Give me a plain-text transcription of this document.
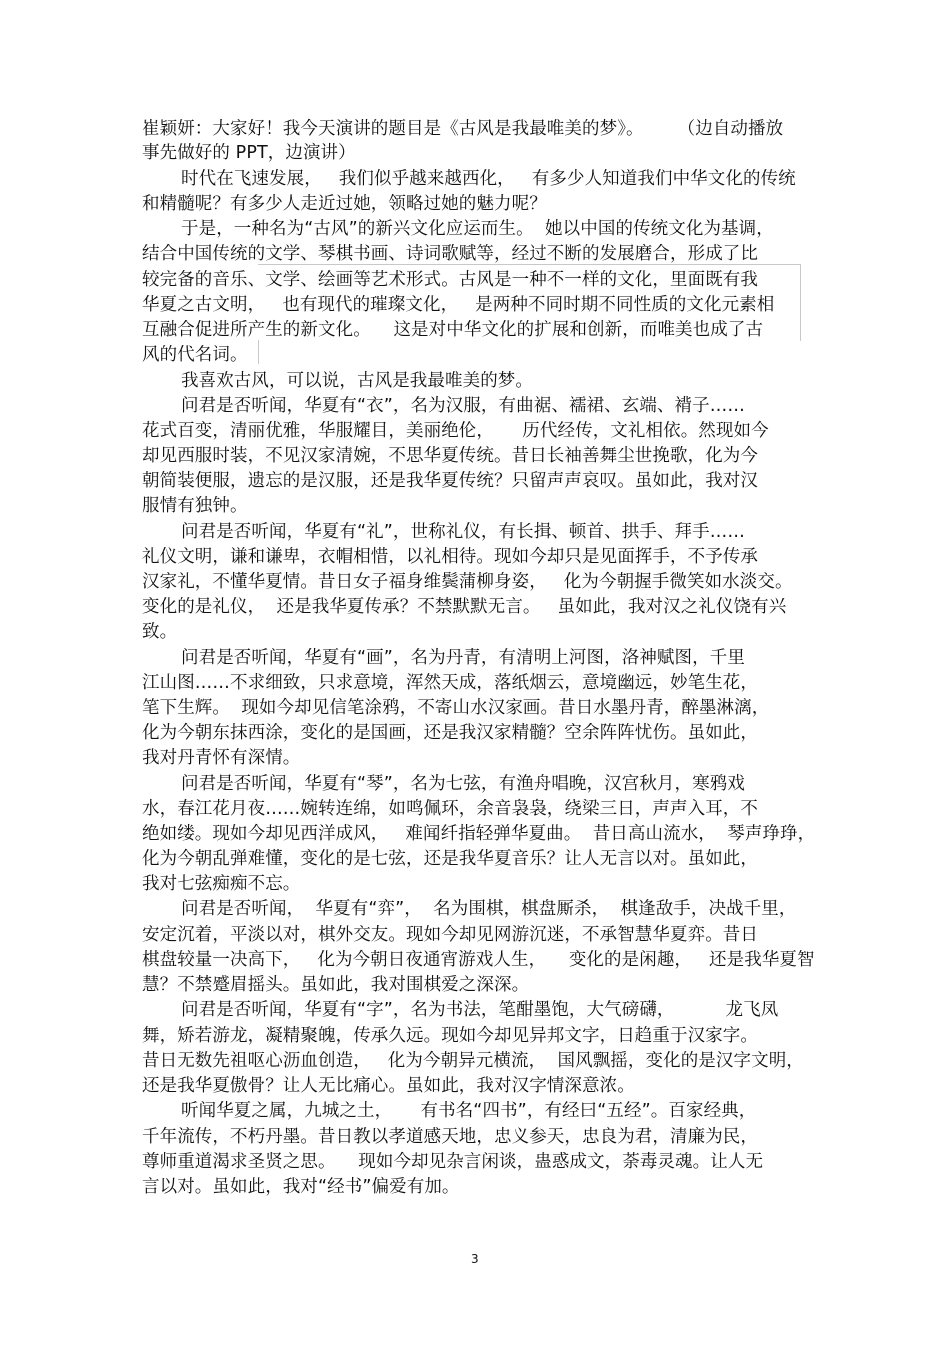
崔颖妍：大家好！我今天演讲的题目是《古风是我最唯美的梦》。      （边自动播放
事先做好的 PPT，边演讲）
时代在飞速发展，   我们似乎越来越西化，   有多少人知道我们中华文化的传统
和精髓呢？有多少人走近过她，领略过她的魅力呢？
于是，一种名为“古风”的新兴文化应运而生。  她以中国的传统文化为基调，
结合中国传统的文学、琴棋书画、诗词歌赋等，经过不断的发展磨合，形成了比
较完备的音乐、文学、绘画等艺术形式。古风是一种不一样的文化，里面既有我
华夏之古文明，   也有现代的璀璨文化，   是两种不同时期不同性质的文化元素相
互融合促进所产生的新文化。    这是对中华文化的扩展和创新，而唯美也成了古
风的代名词。
我喜欢古风，可以说，古风是我最唯美的梦。
问君是否听闻，华夏有“衣”，名为汉服，有曲裾、襦裙、玄端、褙子……
花式百变，清丽优雅，华服耀目，美丽绝伦，     历代经传，文礼相依。然现如今
却见西服时装，不见汉家清婉，不思华夏传统。昔日长袖善舞尘世挽歌，化为今
朝简装便服，遗忘的是汉服，还是我华夏传统？只留声声哀叹。虽如此，我对汉
服情有独钟。
问君是否听闻，华夏有“礼”，世称礼仪，有长揖、顿首、拱手、拜手……
礼仪文明，谦和谦卑，衣帽相惜，以礼相待。现如今却只是见面挥手，不予传承
汉家礼，不懂华夏情。昔日女子福身维鬓蒲柳身姿，   化为今朝握手微笑如水淡交。
变化的是礼仪，  还是我华夏传承？不禁默默无言。   虽如此，我对汉之礼仪饶有兴
致。
问君是否听闻，华夏有“画”，名为丹青，有清明上河图，洛神赋图，千里
江山图……不求细致，只求意境，浑然天成，落纸烟云，意境幽远，妙笔生花，
笔下生辉。  现如今却见信笔涂鸦，不寄山水汉家画。昔日水墨丹青，醉墨淋漓，
化为今朝东抹西涂，变化的是国画，还是我汉家精髓？空余阵阵忧伤。虽如此，
我对丹青怀有深情。
问君是否听闻，华夏有“琴”，名为七弦，有渔舟唱晚，汉宫秋月，寒鸦戏
水，春江花月夜……婉转连绵，如鸣佩环，余音袅袅，绕梁三日，声声入耳，不
绝如缕。现如今却见西洋成风，   难闻纤指轻弹华夏曲。  昔日高山流水，  琴声琤琤，
化为今朝乱弹难懂，变化的是七弦，还是我华夏音乐？让人无言以对。虽如此，
我对七弦痴痴不忘。
问君是否听闻，  华夏有“弈”，  名为围棋，棋盘厮杀，  棋逢敌手，决战千里，
安定沉着，平淡以对，棋外交友。现如今却见网游沉迷，不承智慧华夏弈。昔日
棋盘较量一决高下，   化为今朝日夜通宵游戏人生，    变化的是闲趣，   还是我华夏智
慧？不禁蹙眉摇头。虽如此，我对围棋爱之深深。
问君是否听闻，华夏有“字”，名为书法，笔酣墨饱，大气磅礴，         龙飞凤
舞，矫若游龙，凝精聚魄，传承久远。现如今却见异邦文字，日趋重于汉家字。
昔日无数先祖呕心沥血创造，   化为今朝异元横流，  国风飘摇，变化的是汉字文明，
还是我华夏傲骨？让人无比痛心。虽如此，我对汉字情深意浓。
听闻华夏之属，九城之土，     有书名“四书”，有经曰“五经”。百家经典，
千年流传，不朽丹墨。昔日教以孝道感天地，忠义参天，忠良为君，清廉为民，
尊师重道渴求圣贤之思。    现如今却见杂言闲谈，蛊惑成文，荼毒灵魂。让人无
言以对。虽如此，我对“经书”偏爱有加。
3
